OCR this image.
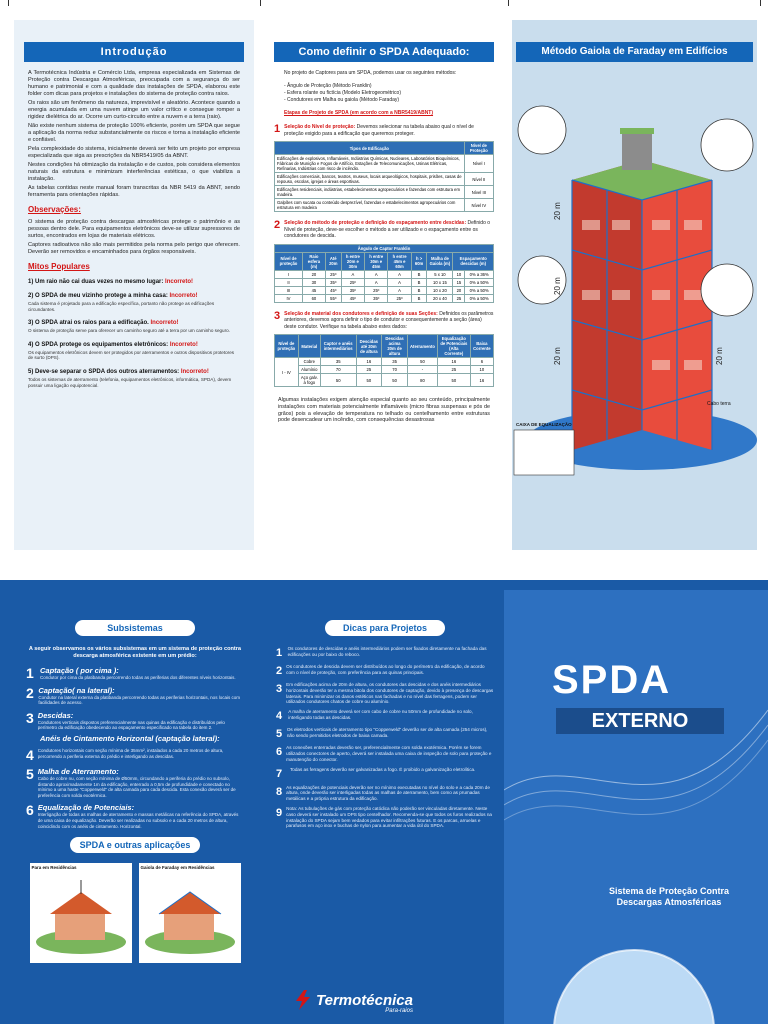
Introdução

A Termotécnica Indústria e Comércio Ltda, empresa especializada em Sistemas de Proteção contra Descargas Atmosféricas, preocupada com a segurança do ser humano e patrimonial e com a qualidade das instalações de SPDA, elaborou este folder com dicas para projetos e instalações do sistema de proteção contra raios.

Os raios são um fenômeno da natureza, imprevisível e aleatório. Acontece quando a energia acumulada em uma nuvem atinge um valor crítico e consegue romper a rigidez dielétrica do ar. Ocorre um curto-circuito entre a nuvem e a terra (raio).

Não existe nenhum sistema de proteção 100% eficiente, porém um SPDA que segue a aplicação da norma reduz substancialmente os riscos e torna a instalação eficiente e confiável.

Pela complexidade do sistema, inicialmente deverá ser feito um projeto por empresa especializada que siga as prescrições da NBR5419/05 da ABNT.

Nestes condições há otimização da instalação e de custos, pois considera elementos naturais da estrutura e minimizam interferências estéticas, o que viabiliza a instalação.

As tabelas contidas neste manual foram transcritas da NBR 5419 da ABNT, sendo ferramenta para orientações rápidas.

Observações:

O sistema de proteção contra descargas atmosféricas protege o patrimônio e as pessoas dentro dele. Para equipamentos eletrônicos deve-se utilizar supressores de surtos, encontrados em lojas de materiais elétricos.

Captores radioativos não são mais permitidos pela norma pelo perigo que oferecem. Deverão ser removidos e encaminhados para órgãos responsáveis.

Mitos Populares
1) Um raio não cai duas vezes no mesmo lugar: Incorreto!
2) O SPDA de meu vizinho protege a minha casa: Incorreto!
Cada sistema é projetado para a edificação específica, portanto não protege as edificações circundantes.
3) O SPDA atrai os raios para a edificação. Incorreto!
O sistema de proteção serve para oferecer um caminho seguro até a terra por um caminho seguro.
4) O SPDA protege os equipamentos eletrônicos: Incorreto!
Os equipamentos eletrônicos devem ser protegidos por aterramentos e outros dispositivos protetores de surto (DPS).
5) Deve-se separar o SPDA dos outros aterramentos: Incorreto!
Todos os sistemas de aterramento (telefonia, equipamentos eletrônicos, informática, SPDA), devem possuir uma ligação equipotencial.
Como definir o SPDA Adequado:

No projeto de Captores para um SPDA, podemos usar os seguintes métodos:

- Ângulo de Proteção (Método Franklin)
- Esfera rolante ou fictícia (Modelo Eletrogeométrico)
- Condutores em Malha ou gaiola (Método Faraday)
Etapas de Projeto de SPDA (em acordo com a NBR5419/ABNT)
1 Seleção do Nível de proteção: Devemos selecionar na tabela abaixo qual o nível de proteção exigido para a edificação que queremos proteger.
Tipos de Edificação	Nível de Proteção
Edificações de explosivos, Inflamáveis, Indústrias Químicas, Nucleares, Laboratórios Bioquímicos, Fábricas de Munição e Fogos de Artifício, Estações de Telecomunicações, Usinas Elétricas, Refinarias, Indústrias com risco de incêndio.	Nível I
Edificações comerciais, bancos, teatros, museus, locais arqueológicos, hospitais, prisões, casas de repouso, escolas, igrejas e áreas esportivas.	Nível II
Edificações residenciais, indústrias, estabelecimentos agropecuários e fazendas com estrutura em madeira.	Nível III
Galpões com sucata ou conteúdo desprezível, fazendas e estabelecimentos agropecuários com estrutura em madeira	Nível IV
2 Seleção do método de proteção e definição do espaçamento entre descidas: Definido o Nível de proteção, deve-se escolher o método a ser utilizado e o espaçamento entre os condutores de descida.
Ângulo de Captor Franklin									
Nível de proteção	Raio esfera (m)	Até 20m	h entre 20m e 30m	h entre 30m e 45m	h entre 45m e 60m	h > 60m	Malha de Gaiola (m)	Espaçamento descidas (m)	
I	20	25º	A	A	A	B	5 x 10	10	0% a 36%
II	30	35º	25º	A	A	B	10 x 15	15	0% a 50%
III	45	45º	35º	25º	A	B	10 x 20	20	0% a 50%
IV	60	55º	45º	35º	25º	B	20 x 40	25	0% a 50%
3 Seleção de material dos condutores e definição de suas Seções: Definidos os parâmetros anteriores, devemos agora definir o tipo de condutor e consequentemente a seção (área) deste condutor. Verifique na tabela abaixo estes dados:
Nível de proteção	Material	Captor e anéis intermediários	Descidas até 20m de altura	Descidas acima 20m de altura	Aterramento	Equalização de Potenciais (Alta Corrente)	Baixa Corrente
I - IV	Cobre	35	16	35	50	16	6
	Alumínio	70	25	70	-	25	10
	Aço galv. à fogo	50	50	50	80	50	16

Algumas instalações exigem atenção especial quanto ao seu conteúdo, principalmente instalações com materiais potencialmente inflamáveis (micro fibras suspensas e pós de grãos) pois a elevação de temperatura no telhado ou centelhamento entre estruturas pode desencadear um incêndio, com consequências desastrosas

Método Gaiola de Faraday em Edifícios
20 m
20 m
20 m	20 m
CAIXA DE EQUALIZAÇÃO
Cabo terra
Subsistemas

A seguir observamos os vários subsistemas em um sistema de proteção contra descarga atmosférica existente em um prédio:

1 Captação ( por cima ):
Condutor por cima da platibanda percorrendo todas as periferias dos diferentes níveis horizontais.
2 Captação( na lateral):
Condutor na lateral externa da platibanda percorrendo todas as periferias horizontais, nos locais com facilidades de acesso.
3 Descidas:
Condutores verticais dispostos preferencialmente nas quinas da edificação e distribuídos pelo perímetro da edificação obedecendo ao espaçamento especificado na tabela do item 2.
Anéis de Cintamento Horizontal (captação lateral):
4 Condutores horizontais com seção mínima de 35mm², instalados a cada 20 metros de altura, percorrendo a periferia externa do prédio e interligando as descidas.
5 Malha de Aterramento:
Cabo de cobre nu, com seção mínima de Ø50mm, circundando a periferia do prédio no subsolo, distando aproximadamente 1m da edificação, enterrado a 0,5m de profundidade e conectado no mínimo a uma haste "Copperweld" de alta camada para cada descida. Esta conexão deverá ser de preferência com solda exotérmica.
6 Equalização de Potenciais:
Interligação de todas as malhas de aterramento e massas metálicas na referência do SPDA, através de uma caixa de equalização. Deverão ser realizadas no subsolo e a cada 20 metros de altura, coincidindo com os anéis de cintamento. Horizontal.
SPDA e outras aplicações
Para em Residências	Gaiola de Faraday em Residências
Dicas para Projetos
1	Os condutores de descidas e anéis intermediários podem ser fixados diretamente na fachada das edificações ou por baixo do reboco.
2 Os condutores de descida devem ser distribuídos ao longo do perímetro da edificação, de acordo com o nível de proteção, com preferência para as quinas principais.
3 Em edificações acima de 20m de altura, os condutores das descidas e dos anéis intermediários horizontais deverão ter a mesma bitola dos condutores de captação, devido à presença de descargas laterais. Para minimizar os danos estéticos nas fachadas e no nível das ferragens, podem ser utilizados condutores chatos de cobre ou alumínio.
4	A malha de aterramento deverá ser com cabo de cobre nu 50mm de profundidade no solo, interligando todas as descidas.
5 Os eletrodos verticais de aterramento tipo "Copperweld" deverão ser de alta camada (254 micros), não sendo permitidos eletrodos de baixa camada.
6 As conexões enterradas deverão ser, preferencialmente com solda exotérmica. Porém se forem utilizados conectores de aperto, deverá ser instalada uma caixa de inspeção de solo para proteção e manutenção do conector.
7	Todas as ferragens deverão ser galvanizadas a fogo. É proibido a galvanização eletrolítica.
8 As equalizações de potenciais deverão ser no mínimo executadas no nível do solo e a cada 20m de altura, onde deverão ser interligadas todas as malhas de aterramento, bem como as prumadas metálicas e a própria estrutura da edificação.
9 Nota: As tubulações de gás com proteção catódica não poderão ser vinculadas diretamente. Neste caso deverá ser instalado um DPS tipo centelhador. Recomenda-se que todos os furos realizados na instalação do SPDA sejam bem vedados para evitar infiltrações futuras. E os parcas, arruelas e parafusos em aço inox e buchas de nylon para aumentar a vida útil do SPDA.
Termotécnica
Para-raios
SPDA
EXTERNO
Sistema de Proteção Contra
Descargas Atmosféricas
